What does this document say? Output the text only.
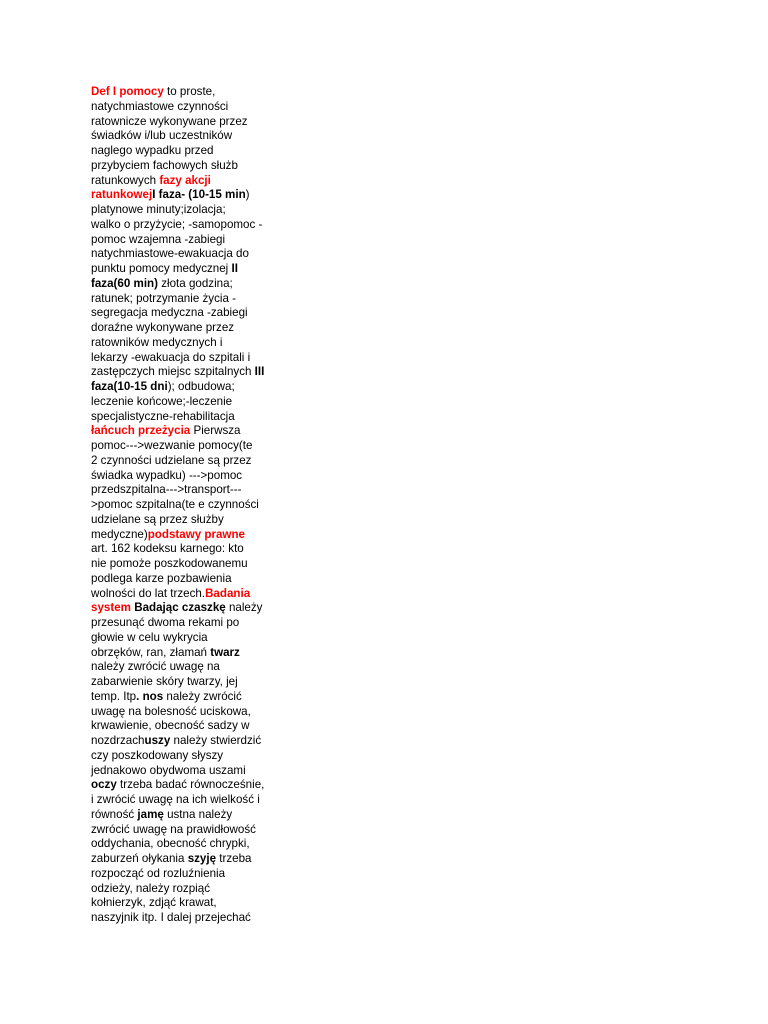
Def I pomocy to proste,
natychmiastowe czynności
ratownicze wykonywane przez
świadków i/lub uczestników
naglego wypadku przed
przybyciem fachowych służb
ratunkowych fazy akcji
ratunkowejI faza- (10-15 min)
platynowe minuty;izolacja;
walko o przyżycie; -samopomoc -
pomoc wzajemna -zabiegi
natychmiastowe-ewakuacja do
punktu pomocy medycznej II
faza(60 min) złota godzina;
ratunek; potrzymanie życia -
segregacja medyczna -zabiegi
doraźne wykonywane przez
ratowników medycznych i
lekarzy -ewakuacja do szpitali i
zastępczych miejsc szpitalnych III
faza(10-15 dni); odbudowa;
leczenie końcowe;-leczenie
specjalistyczne-rehabilitacja
łańcuch przeżycia Pierwsza
pomoc--->wezwanie pomocy(te
2 czynności udzielane są przez
świadka wypadku) --->pomoc
przedszpitalna--->transport---
>pomoc szpitalna(te e czynności
udzielane są przez służby
medyczne)podstawy prawne
art. 162 kodeksu karnego: kto
nie pomoże poszkodowanemu
podlega karze pozbawienia
wolności do lat trzech.Badania
system Badając czaszkę należy
przesunąć dwoma rekami po
głowie w celu wykrycia
obrzęków, ran, złamań twarz
należy zwrócić uwagę na
zabarwienie skóry twarzy, jej
temp. Itp. nos należy zwrócić
uwagę na bolesność uciskowa,
krwawienie, obecność sadzy w
nozdrzachuszy należy stwierdzić
czy poszkodowany słyszy
jednakowo obydwoma uszami
oczy trzeba badać równocześnie,
i zwrócić uwagę na ich wielkość i
równość jamę ustna należy
zwrócić uwagę na prawidłowość
oddychania, obecność chrypki,
zaburzeń ołykania szyję trzeba
rozpocząć od rozluźnienia
odzieży, należy rozpiąć
kołnierzyk, zdjąć krawat,
naszyjnik itp. I dalej przejechać
